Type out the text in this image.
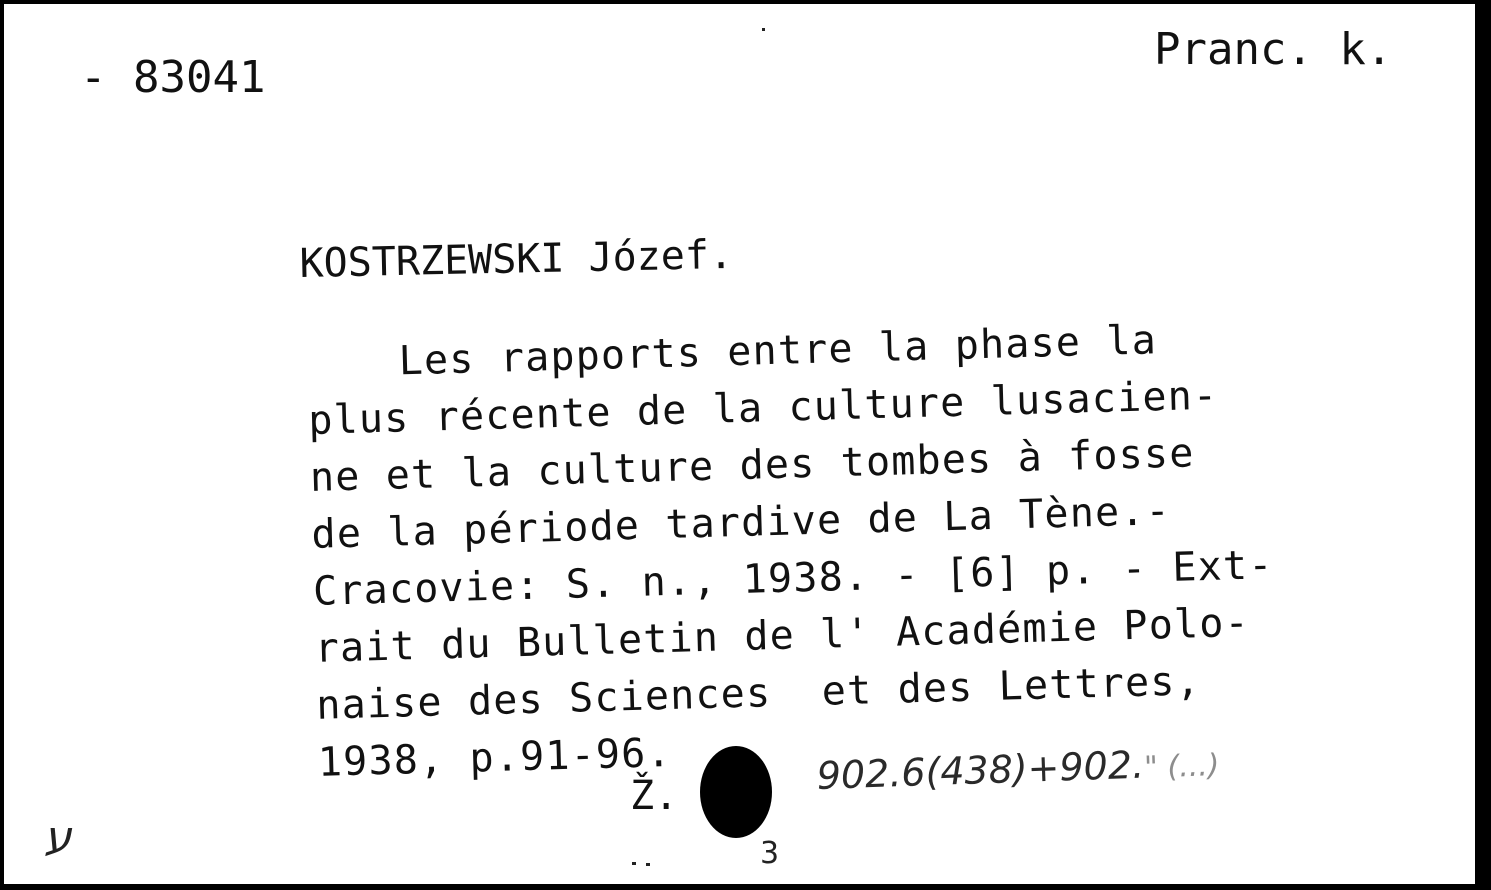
- 83041
Pranc. k.
KOSTRZEWSKI Józef.
Les rapports entre la phase la
plus récente de la culture lusacien-
ne et la culture des tombes à fosse
de la période tardive de La Tène.-
Cracovie: S. n., 1938. - [6] p. - Ext-
rait du Bulletin de l' Académie Polo-
naise des Sciences  et des Lettres,
1938, p.91-96.
Ž.	902.6(438)+902." (...)
3
ע
